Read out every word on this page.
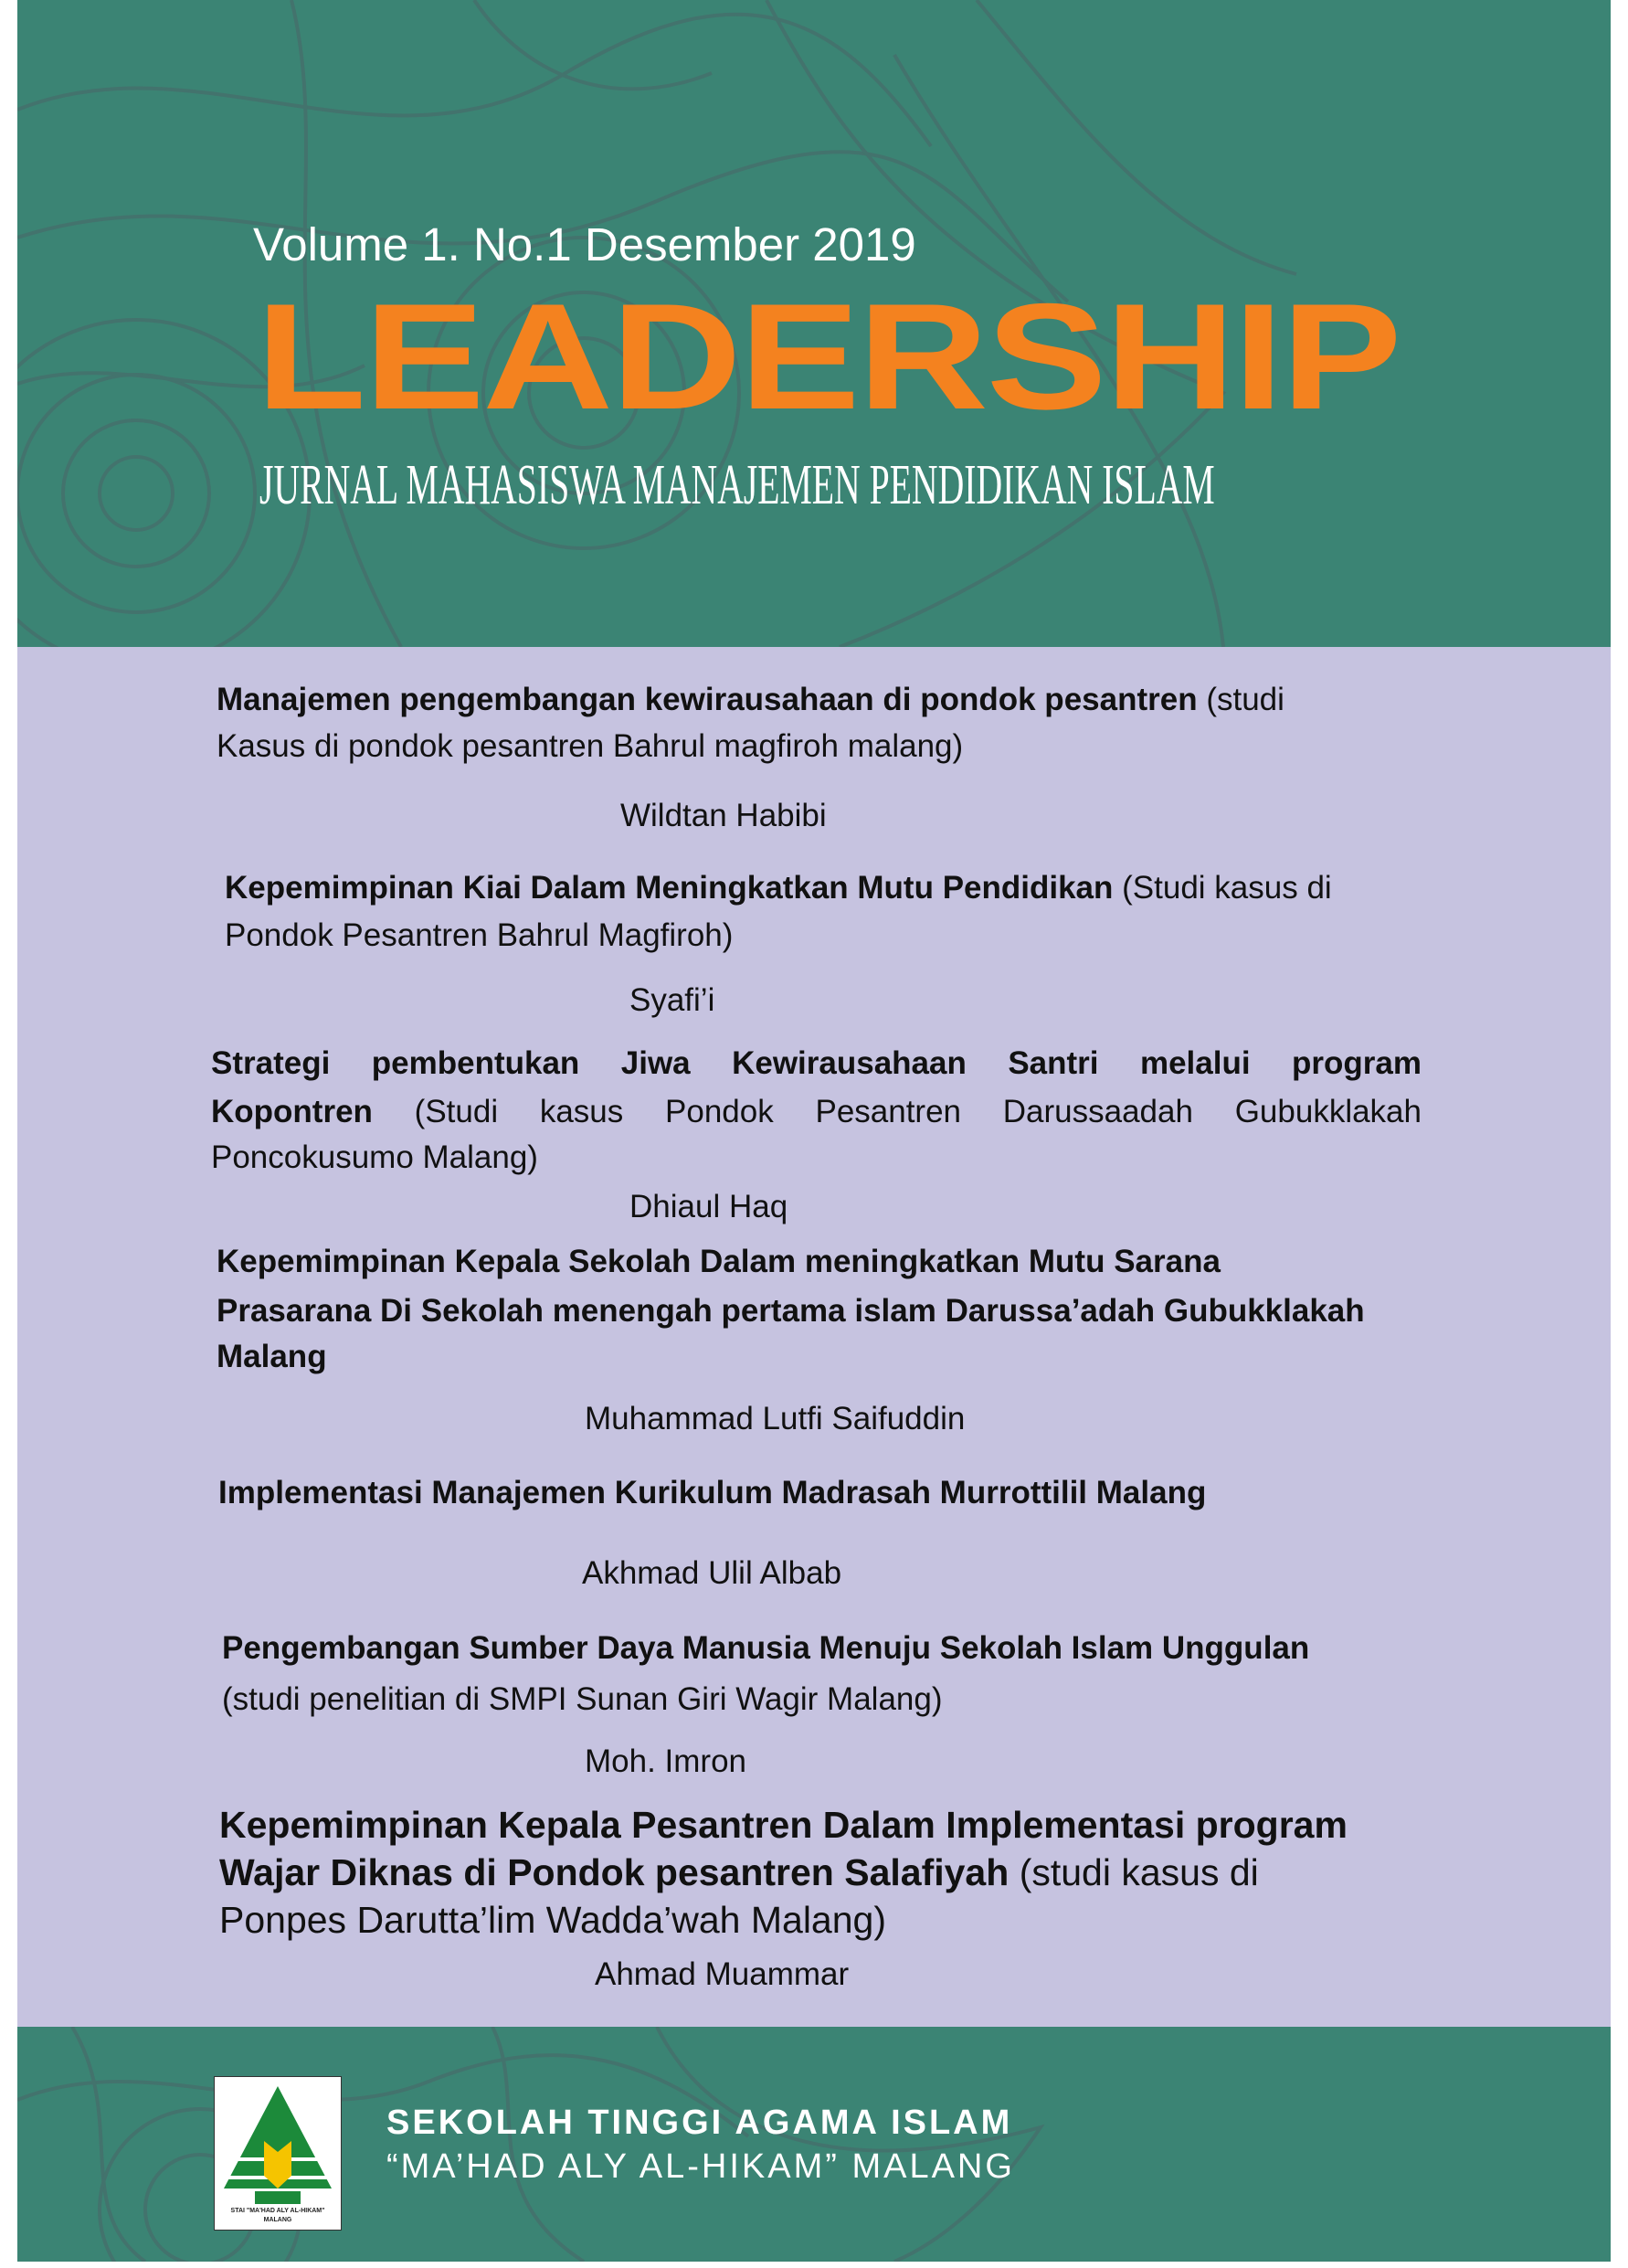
Volume 1. No.1 Desember 2019
LEADERSHIP
JURNAL MAHASISWA MANAJEMEN PENDIDIKAN ISLAM
Manajemen pengembangan kewirausahaan di pondok pesantren (studi
Kasus di pondok pesantren Bahrul magfiroh malang)
Wildtan Habibi
Kepemimpinan Kiai Dalam Meningkatkan Mutu Pendidikan (Studi kasus di
Pondok Pesantren Bahrul Magfiroh)
Syafi’i
Strategi pembentukan Jiwa Kewirausahaan Santri melalui program
Kopontren (Studi kasus Pondok Pesantren Darussaadah Gubukklakah
Poncokusumo Malang)
Dhiaul Haq
Kepemimpinan Kepala Sekolah Dalam meningkatkan Mutu Sarana
Prasarana Di Sekolah menengah pertama islam Darussa’adah Gubukklakah
Malang
Muhammad Lutfi Saifuddin
Implementasi Manajemen Kurikulum Madrasah Murrottilil Malang
Akhmad Ulil Albab
Pengembangan Sumber Daya Manusia Menuju Sekolah Islam Unggulan
(studi penelitian di SMPI Sunan Giri Wagir Malang)
Moh. Imron
Kepemimpinan Kepala Pesantren Dalam Implementasi program
Wajar Diknas di Pondok pesantren Salafiyah (studi kasus di
Ponpes Darutta’lim Wadda’wah Malang)
Ahmad Muammar
STAI "MA'HAD ALY AL-HIKAM"
MALANG
SEKOLAH TINGGI AGAMA ISLAM
“MA’HAD ALY AL-HIKAM” MALANG
